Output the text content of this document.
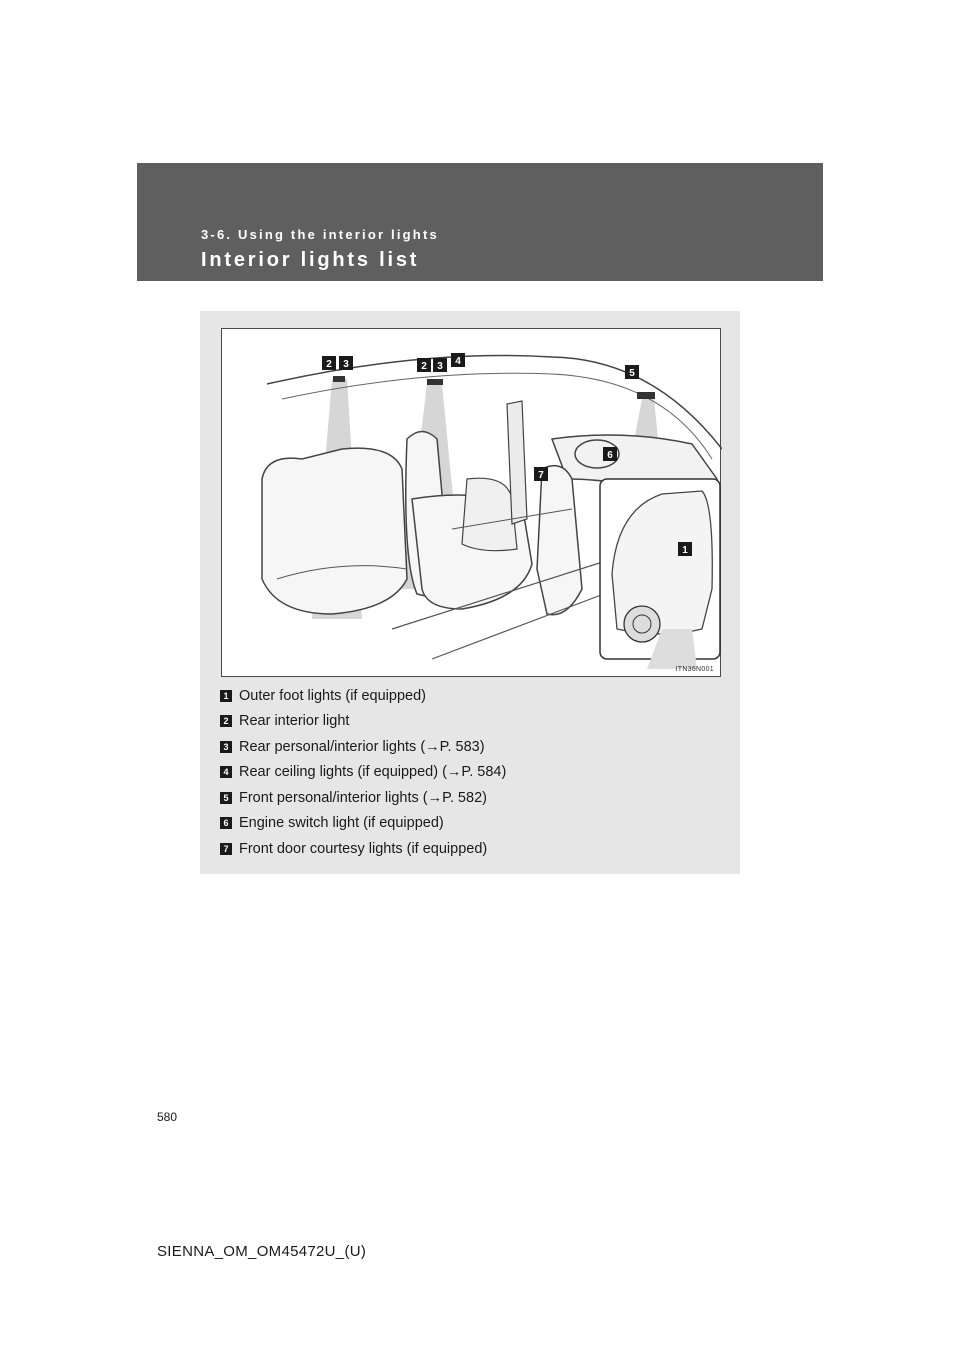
3-6. Using the interior lights
Interior lights list
2 3	2 3 4
5
6
7
1
ITN36N001
1 Outer foot lights (if equipped)
2 Rear interior light
3 Rear personal/interior lights (→P. 583)
4 Rear ceiling lights (if equipped) (→P. 584)
5 Front personal/interior lights (→P. 582)
6 Engine switch light (if equipped)
7 Front door courtesy lights (if equipped)
580
SIENNA_OM_OM45472U_(U)
